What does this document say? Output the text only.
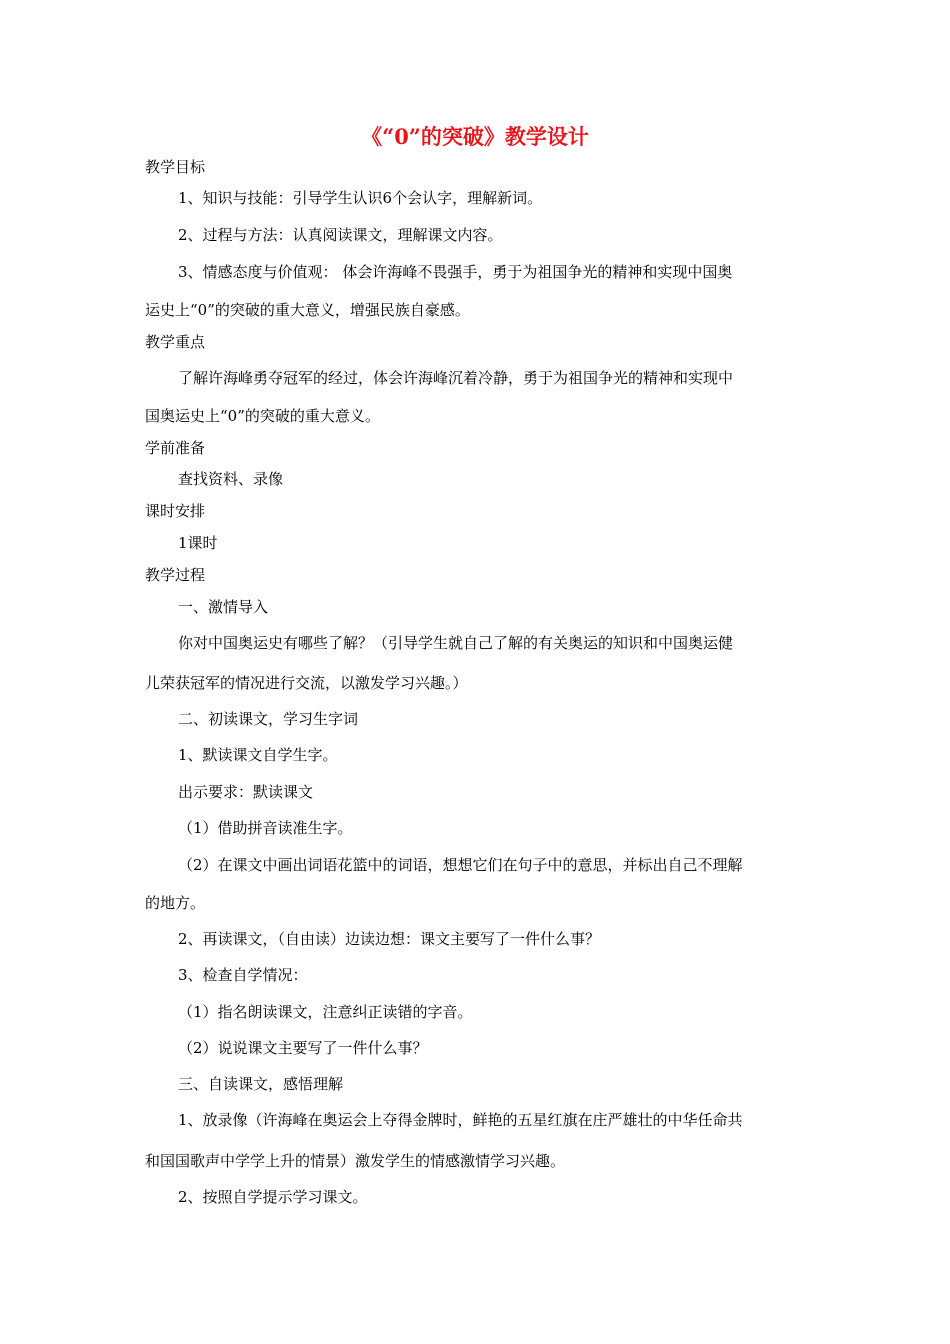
《“0”的突破》教学设计
教学目标
1、知识与技能：引导学生认识6个会认字，理解新词。
2、过程与方法：认真阅读课文，理解课文内容。
3、情感态度与价值观： 体会许海峰不畏强手，勇于为祖国争光的精神和实现中国奥
运史上“0”的突破的重大意义，增强民族自豪感。
教学重点
了解许海峰勇夺冠军的经过，体会许海峰沉着冷静，勇于为祖国争光的精神和实现中
国奥运史上“0”的突破的重大意义。
学前准备
查找资料、录像
课时安排
1课时
教学过程
一、激情导入
你对中国奥运史有哪些了解？（引导学生就自己了解的有关奥运的知识和中国奥运健
儿荣获冠军的情况进行交流，以激发学习兴趣。）
二、初读课文，学习生字词
1、默读课文自学生字。
出示要求：默读课文
（1）借助拼音读准生字。
（2）在课文中画出词语花篮中的词语，想想它们在句子中的意思，并标出自己不理解
的地方。
2、再读课文，（自由读）边读边想：课文主要写了一件什么事？
3、检查自学情况：
（1）指名朗读课文，注意纠正读错的字音。
（2）说说课文主要写了一件什么事？
三、自读课文，感悟理解
1、放录像（许海峰在奥运会上夺得金牌时，鲜艳的五星红旗在庄严雄壮的中华任命共
和国国歌声中学学上升的情景）激发学生的情感激情学习兴趣。
2、按照自学提示学习课文。
